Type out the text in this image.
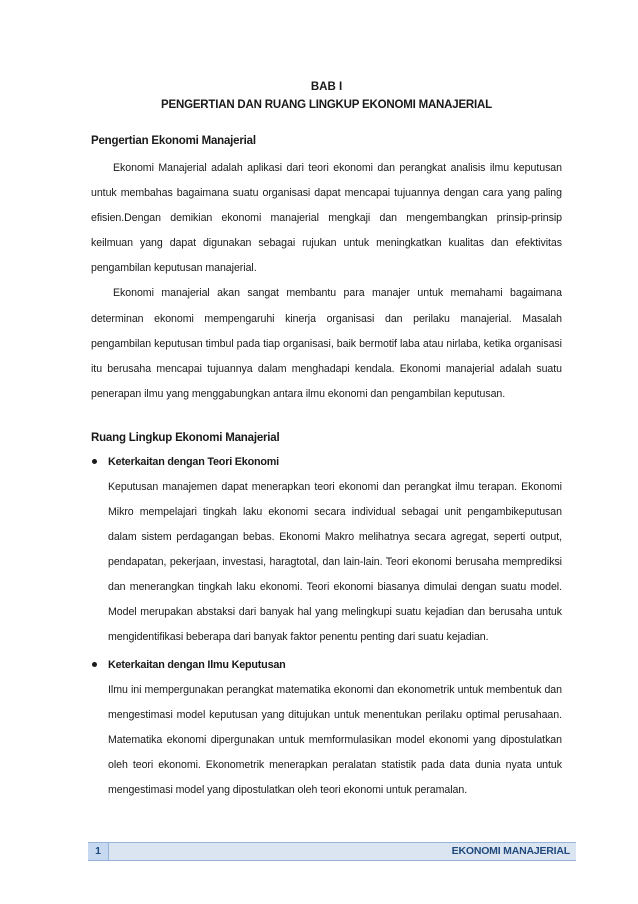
BAB I

PENGERTIAN DAN RUANG LINGKUP EKONOMI MANAJERIAL

Pengertian Ekonomi Manajerial

Ekonomi Manajerial adalah aplikasi dari teori ekonomi dan perangkat analisis ilmu keputusan untuk membahas bagaimana suatu organisasi dapat mencapai tujuannya dengan cara yang paling efisien.Dengan demikian ekonomi manajerial mengkaji dan mengembangkan prinsip-prinsip keilmuan yang dapat digunakan sebagai rujukan untuk meningkatkan kualitas dan efektivitas pengambilan keputusan manajerial.

Ekonomi manajerial akan sangat membantu para manajer untuk memahami bagaimana determinan ekonomi mempengaruhi kinerja organisasi dan perilaku manajerial. Masalah pengambilan keputusan timbul pada tiap organisasi, baik bermotif laba atau nirlaba, ketika organisasi itu berusaha mencapai tujuannya dalam menghadapi kendala. Ekonomi manajerial adalah suatu penerapan ilmu yang menggabungkan antara ilmu ekonomi dan pengambilan keputusan.

Ruang Lingkup Ekonomi Manajerial

Keterkaitan dengan Teori Ekonomi

Keputusan manajemen dapat menerapkan teori ekonomi dan perangkat ilmu terapan. Ekonomi Mikro mempelajari tingkah laku ekonomi secara individual sebagai unit pengambikeputusan dalam sistem perdagangan bebas. Ekonomi Makro melihatnya secara agregat, seperti output, pendapatan, pekerjaan, investasi, haragtotal, dan lain-lain. Teori ekonomi berusaha memprediksi dan menerangkan tingkah laku ekonomi. Teori ekonomi biasanya dimulai dengan suatu model. Model merupakan abstaksi dari banyak hal yang melingkupi suatu kejadian dan berusaha untuk mengidentifikasi beberapa dari banyak faktor penentu penting dari suatu kejadian.

Keterkaitan dengan Ilmu Keputusan

Ilmu ini mempergunakan perangkat matematika ekonomi dan ekonometrik untuk membentuk dan mengestimasi model keputusan yang ditujukan untuk menentukan perilaku optimal perusahaan. Matematika ekonomi dipergunakan untuk memformulasikan model ekonomi yang dipostulatkan oleh teori ekonomi. Ekonometrik menerapkan peralatan statistik pada data dunia nyata untuk mengestimasi model yang dipostulatkan oleh teori ekonomi untuk peramalan.

1	EKONOMI MANAJERIAL
